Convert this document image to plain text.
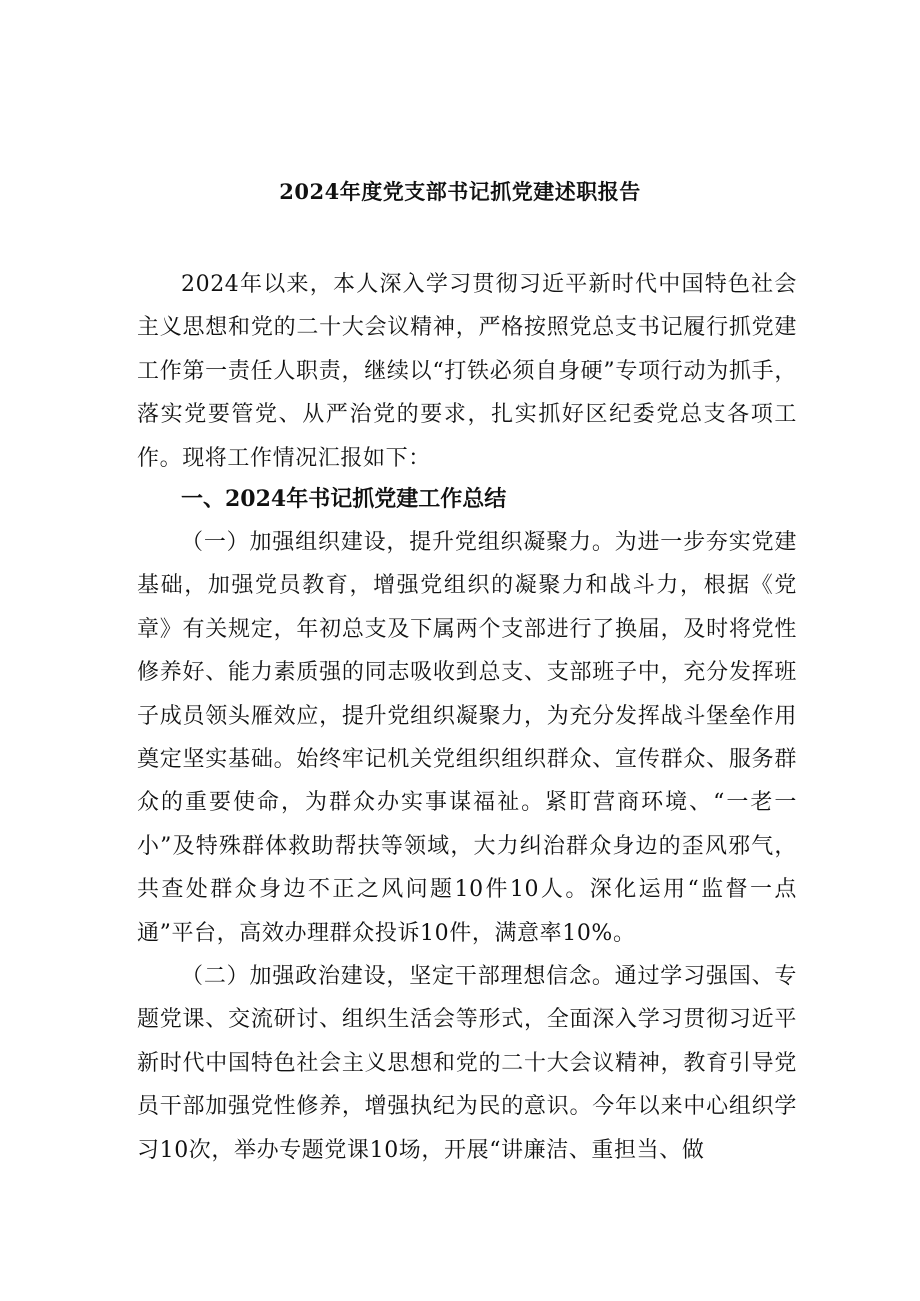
2024年度党支部书记抓党建述职报告

2024年以来，本人深入学习贯彻习近平新时代中国特色社会主义思想和党的二十大会议精神，严格按照党总支书记履行抓党建工作第一责任人职责，继续以“打铁必须自身硬”专项行动为抓手，落实党要管党、从严治党的要求，扎实抓好区纪委党总支各项工作。现将工作情况汇报如下：

一、2024年书记抓党建工作总结

（一）加强组织建设，提升党组织凝聚力。为进一步夯实党建基础，加强党员教育，增强党组织的凝聚力和战斗力，根据《党章》有关规定，年初总支及下属两个支部进行了换届，及时将党性修养好、能力素质强的同志吸收到总支、支部班子中，充分发挥班子成员领头雁效应，提升党组织凝聚力，为充分发挥战斗堡垒作用奠定坚实基础。始终牢记机关党组织组织群众、宣传群众、服务群众的重要使命，为群众办实事谋福祉。紧盯营商环境、“一老一小”及特殊群体救助帮扶等领域，大力纠治群众身边的歪风邪气，共查处群众身边不正之风问题10件10人。深化运用“监督一点通”平台，高效办理群众投诉10件，满意率10%。

（二）加强政治建设，坚定干部理想信念。通过学习强国、专题党课、交流研讨、组织生活会等形式，全面深入学习贯彻习近平新时代中国特色社会主义思想和党的二十大会议精神，教育引导党员干部加强党性修养，增强执纪为民的意识。今年以来中心组织学习10次，举办专题党课10场，开展“讲廉洁、重担当、做
